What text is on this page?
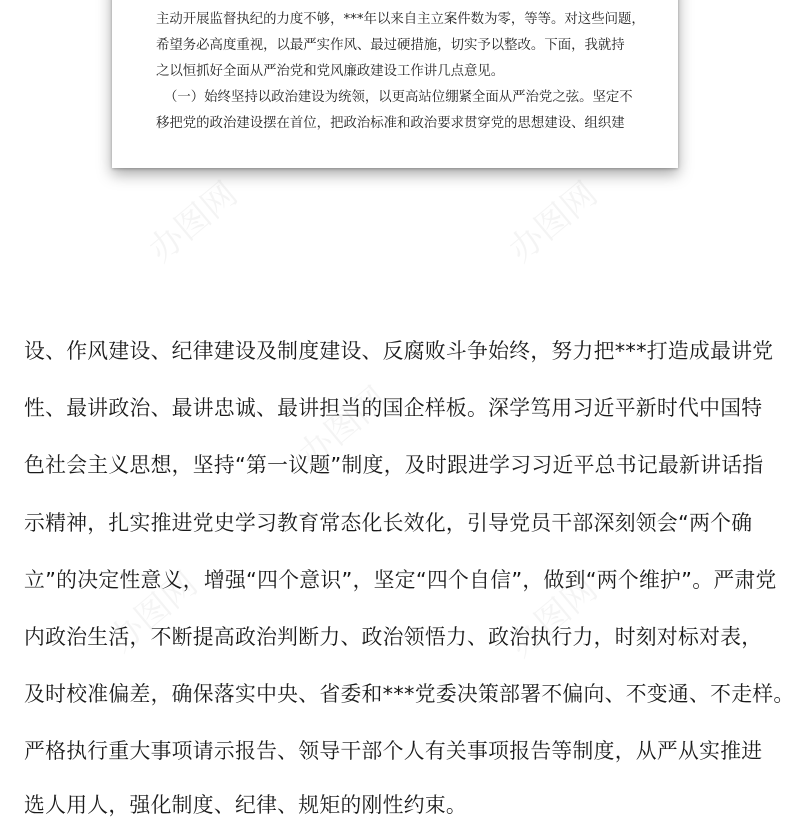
主动开展监督执纪的力度不够，***年以来自主立案件数为零，等等。对这些问题，
希望务必高度重视，以最严实作风、最过硬措施，切实予以整改。下面，我就持
之以恒抓好全面从严治党和党风廉政建设工作讲几点意见。
（一）始终坚持以政治建设为统领，以更高站位绷紧全面从严治党之弦。坚定不
移把党的政治建设摆在首位，把政治标准和政治要求贯穿党的思想建设、组织建
办图网	办图网
办图网
办图网	办图网
设、作风建设、纪律建设及制度建设、反腐败斗争始终，努力把***打造成最讲党
性、最讲政治、最讲忠诚、最讲担当的国企样板。深学笃用习近平新时代中国特
色社会主义思想，坚持“第一议题”制度，及时跟进学习习近平总书记最新讲话指
示精神，扎实推进党史学习教育常态化长效化，引导党员干部深刻领会“两个确
立”的决定性意义，增强“四个意识”，坚定“四个自信”，做到“两个维护”。严肃党
内政治生活，不断提高政治判断力、政治领悟力、政治执行力，时刻对标对表，
及时校准偏差，确保落实中央、省委和***党委决策部署不偏向、不变通、不走样。
严格执行重大事项请示报告、领导干部个人有关事项报告等制度，从严从实推进
选人用人，强化制度、纪律、规矩的刚性约束。
